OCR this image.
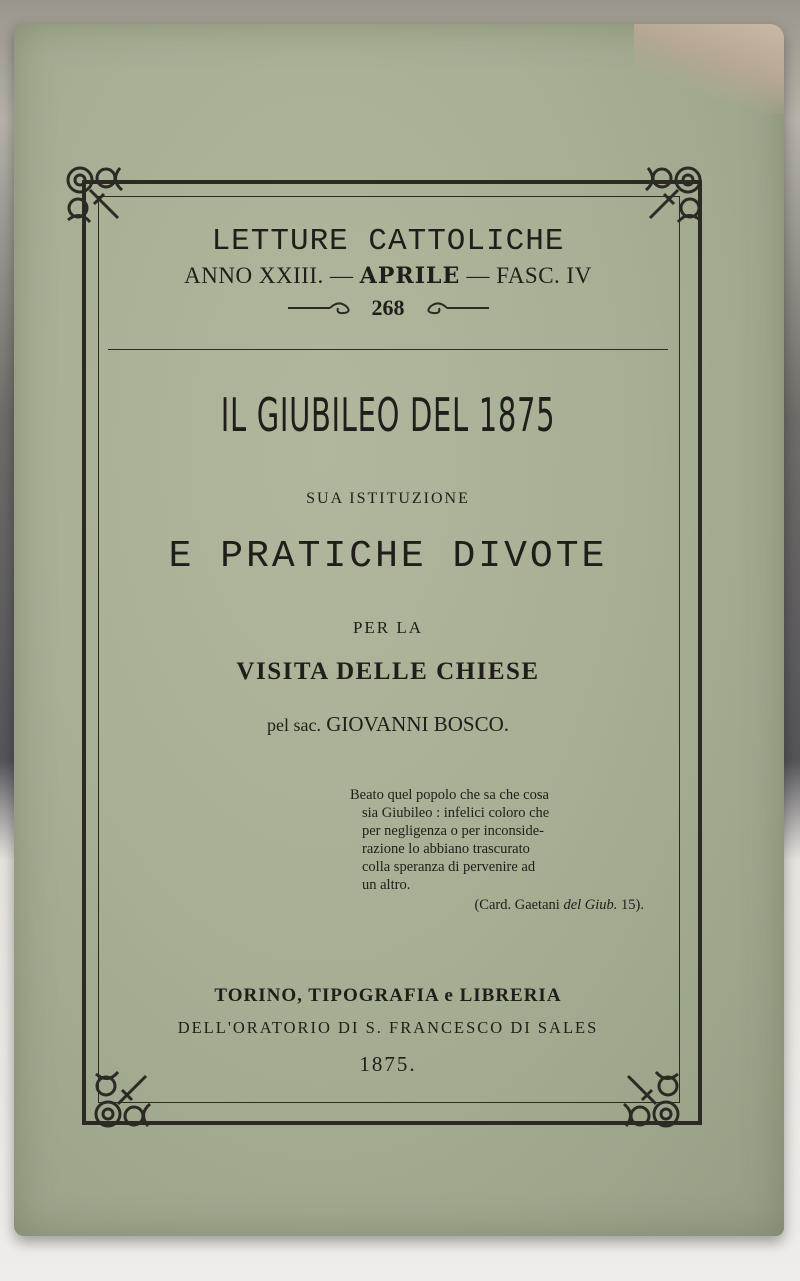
LETTURE CATTOLICHE
ANNO XXIII. — APRILE — FASC. IV
268
IL GIUBILEO DEL 1875
SUA ISTITUZIONE
E PRATICHE DIVOTE
PER LA
VISITA DELLE CHIESE
pel sac. GIOVANNI BOSCO.
Beato quel popolo che sa che cosa
sia Giubileo : infelici coloro che
per negligenza o per inconside-
razione lo abbiano trascurato
colla speranza di pervenire ad
un altro.
(Card. Gaetani del Giub. 15).
TORINO, TIPOGRAFIA e LIBRERIA
DELL'ORATORIO DI S. FRANCESCO DI SALES
1875.
